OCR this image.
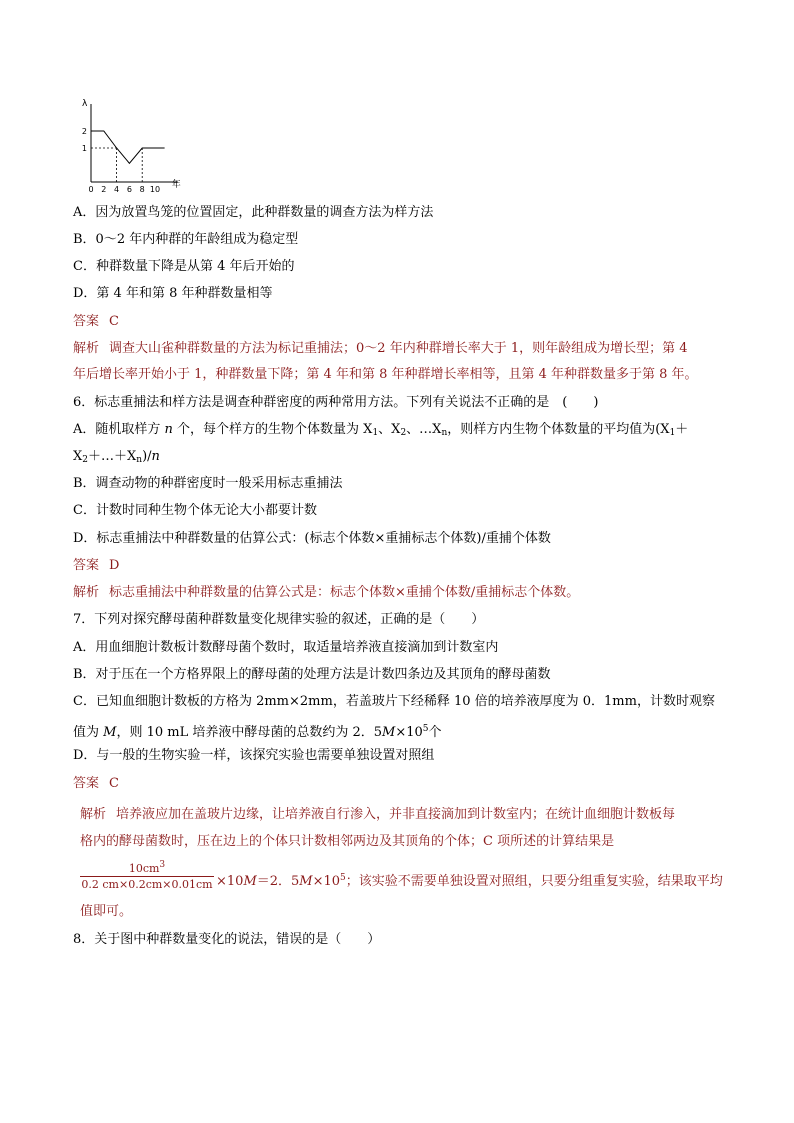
λ
年
0 2 4 6 8 10
2
1
A．因为放置鸟笼的位置固定，此种群数量的调查方法为样方法
B．0～2 年内种群的年龄组成为稳定型
C．种群数量下降是从第 4 年后开始的
D．第 4 年和第 8 年种群数量相等
答案 C
解析 调查大山雀种群数量的方法为标记重捕法；0～2 年内种群增长率大于 1，则年龄组成为增长型；第 4
年后增长率开始小于 1，种群数量下降；第 4 年和第 8 年种群增长率相等，且第 4 年种群数量多于第 8 年。
6．标志重捕法和样方法是调查种群密度的两种常用方法。下列有关说法不正确的是　(　　)
A．随机取样方 n 个，每个样方的生物个体数量为 $X_1$、$X_2$、$\dots X_n$，则样方内生物个体数量的平均值为($X_1+$
$X_2+\dots+X_n)/n$
B．调查动物的种群密度时一般采用标志重捕法
C．计数时同种生物个体无论大小都要计数
D．标志重捕法中种群数量的估算公式：(标志个体数×重捕标志个体数)/重捕个体数
答案 D
解析 标志重捕法中种群数量的估算公式是：标志个体数×重捕个体数/重捕标志个体数。
7．下列对探究酵母菌种群数量变化规律实验的叙述，正确的是（　　）
A．用血细胞计数板计数酵母菌个数时，取适量培养液直接滴加到计数室内
B．对于压在一个方格界限上的酵母菌的处理方法是计数四条边及其顶角的酵母菌数
C．已知血细胞计数板的方格为 2mm×2mm，若盖玻片下经稀释 10 倍的培养液厚度为 0．1mm，计数时观察
值为 M，则 10 mL 培养液中酵母菌的总数约为 2．$5M\times 10^5$个
D．与一般的生物实验一样，该探究实验也需要单独设置对照组
答案 C
解析 培养液应加在盖玻片边缘，让培养液自行渗入，并非直接滴加到计数室内；在统计血细胞计数板每
格内的酵母菌数时，压在边上的个体只计数相邻两边及其顶角的个体；C 项所述的计算结果是
$10cm^3$
0.2 cm×0.2cm×0.01cm ×10M＝2．$5M\times 10^5$；该实验不需要单独设置对照组，只要分组重复实验，结果取平均
值即可。
8．关于图中种群数量变化的说法，错误的是（　　）
